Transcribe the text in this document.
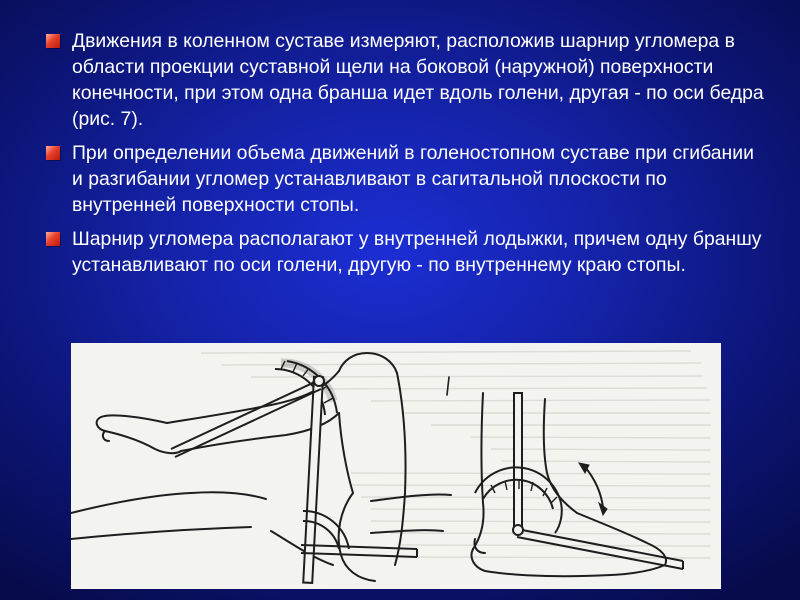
Движения в коленном суставе измеряют, расположив шарнир угломера в области проекции суставной щели на боковой (наружной) поверхности конечности, при этом одна бранша идет вдоль голени, другая - по оси бедра (рис. 7).
При определении объема движений в голеностопном суставе при сгибании и разгибании угломер устанавливают в сагитальной плоскости по внутренней поверхности стопы.
Шарнир угломера располагают у внутренней лодыжки, причем одну браншу устанавливают по оси голени, другую - по внутреннему краю стопы.
